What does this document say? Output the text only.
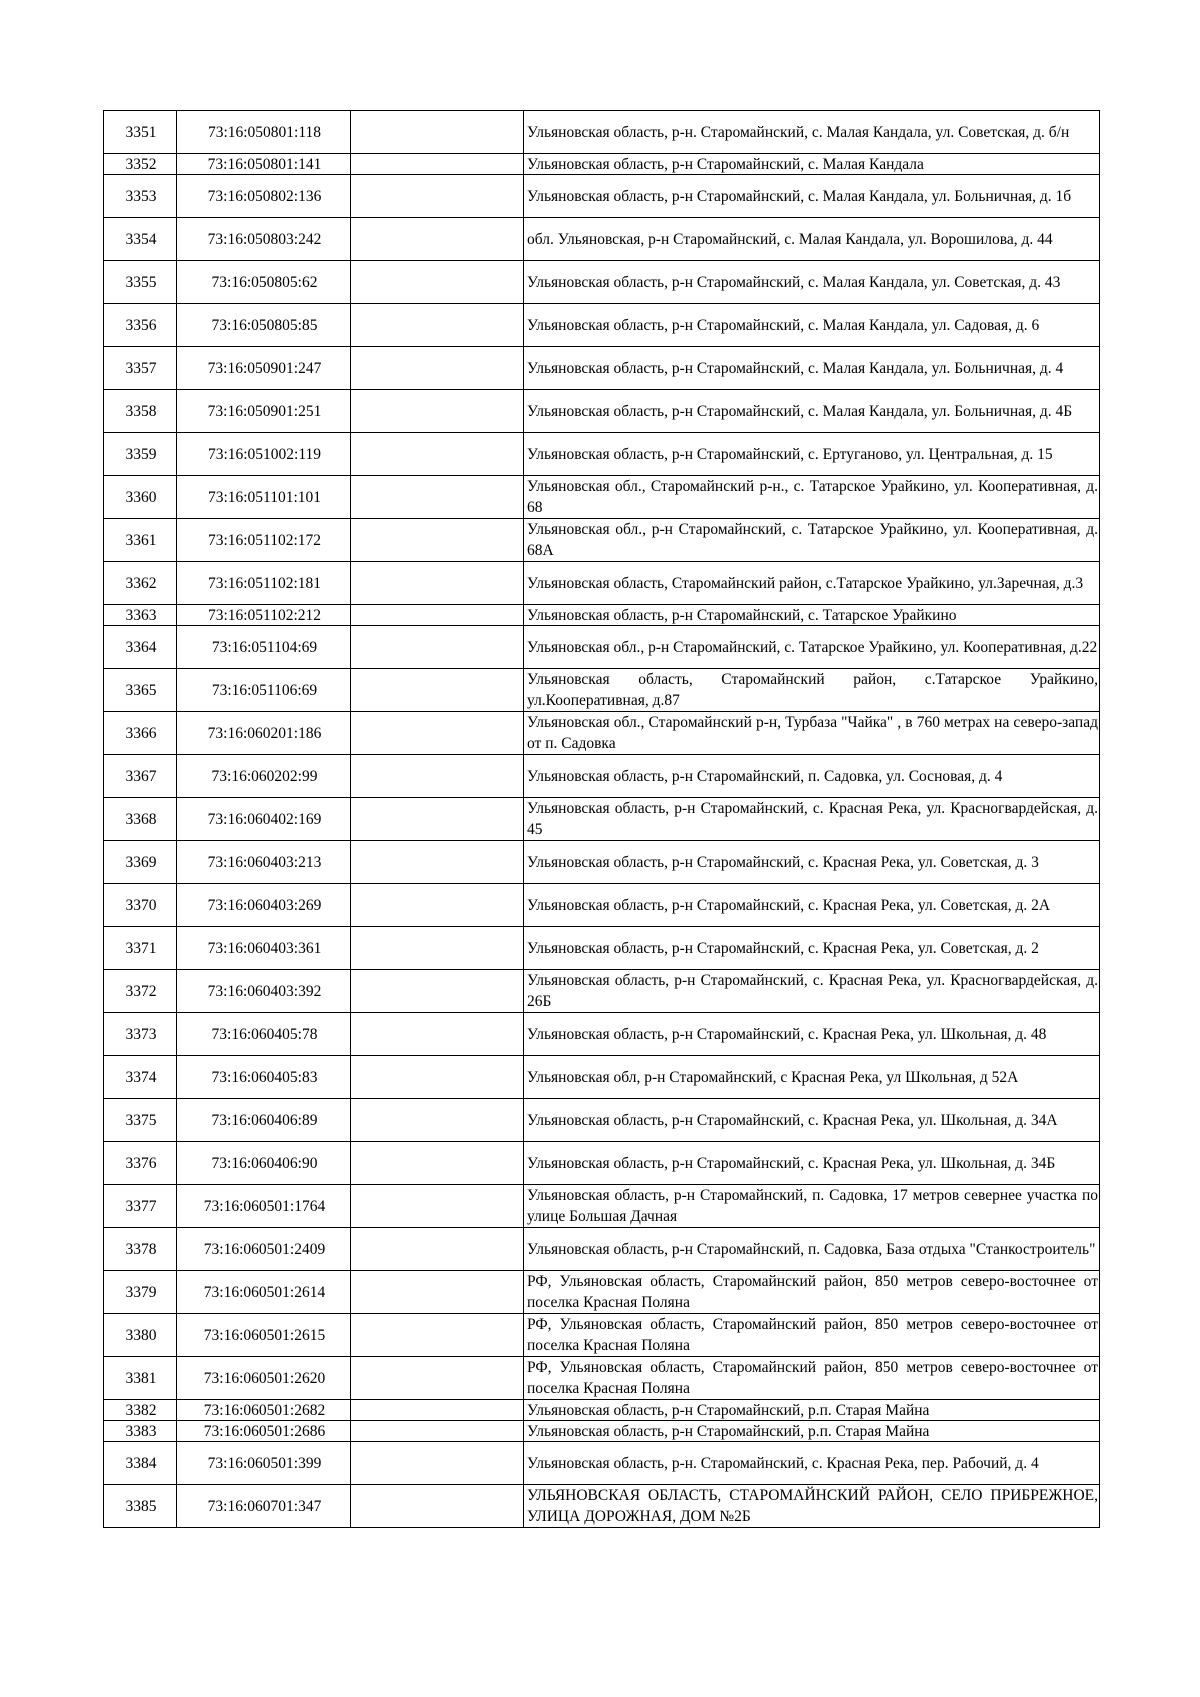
3351	73:16:050801:118		Ульяновская область, р-н. Старомайнский, с. Малая Кандала, ул. Советская, д. б/н
3352	73:16:050801:141		Ульяновская область, р-н Старомайнский, с. Малая Кандала
3353	73:16:050802:136		Ульяновская область, р-н Старомайнский, с. Малая Кандала, ул. Больничная, д. 1б
3354	73:16:050803:242		обл. Ульяновская, р-н Старомайнский, с. Малая Кандала, ул. Ворошилова, д. 44
3355	73:16:050805:62		Ульяновская область, р-н Старомайнский, с. Малая Кандала, ул. Советская, д. 43
3356	73:16:050805:85		Ульяновская область, р-н Старомайнский, с. Малая Кандала, ул. Садовая, д. 6
3357	73:16:050901:247		Ульяновская область, р-н Старомайнский, с. Малая Кандала, ул. Больничная, д. 4
3358	73:16:050901:251		Ульяновская область, р-н Старомайнский, с. Малая Кандала, ул. Больничная, д. 4Б
3359	73:16:051002:119		Ульяновская область, р-н Старомайнский, с. Ертуганово, ул. Центральная, д. 15
3360	73:16:051101:101		Ульяновская обл., Старомайнский р-н., с. Татарское Урайкино, ул. Кооперативная, д. 68
3361	73:16:051102:172		Ульяновская обл., р-н Старомайнский, с. Татарское Урайкино, ул. Кооперативная, д. 68А
3362	73:16:051102:181		Ульяновская область, Старомайнский район, с.Татарское Урайкино, ул.Заречная, д.3
3363	73:16:051102:212		Ульяновская область, р-н Старомайнский, с. Татарское Урайкино
3364	73:16:051104:69		Ульяновская обл., р-н Старомайнский, с. Татарское Урайкино, ул. Кооперативная, д.22
3365	73:16:051106:69		Ульяновская область, Старомайнский район, с.Татарское Урайкино, ул.Кооперативная, д.87
3366	73:16:060201:186		Ульяновская обл., Старомайнский р-н, Турбаза "Чайка" , в 760 метрах на северо-запад от п. Садовка
3367	73:16:060202:99		Ульяновская область, р-н Старомайнский, п. Садовка, ул. Сосновая, д. 4
3368	73:16:060402:169		Ульяновская область, р-н Старомайнский, с. Красная Река, ул. Красногвардейская, д. 45
3369	73:16:060403:213		Ульяновская область, р-н Старомайнский, с. Красная Река, ул. Советская, д. 3
3370	73:16:060403:269		Ульяновская область, р-н Старомайнский, с. Красная Река, ул. Советская, д. 2А
3371	73:16:060403:361		Ульяновская область, р-н Старомайнский, с. Красная Река, ул. Советская, д. 2
3372	73:16:060403:392		Ульяновская область, р-н Старомайнский, с. Красная Река, ул. Красногвардейская, д. 26Б
3373	73:16:060405:78		Ульяновская область, р-н Старомайнский, с. Красная Река, ул. Школьная, д. 48
3374	73:16:060405:83		Ульяновская обл, р-н Старомайнский, с Красная Река, ул Школьная, д 52А
3375	73:16:060406:89		Ульяновская область, р-н Старомайнский, с. Красная Река, ул. Школьная, д. 34А
3376	73:16:060406:90		Ульяновская область, р-н Старомайнский, с. Красная Река, ул. Школьная, д. 34Б
3377	73:16:060501:1764		Ульяновская область, р-н Старомайнский, п. Садовка, 17 метров севернее участка по улице Большая Дачная
3378	73:16:060501:2409		Ульяновская область, р-н Старомайнский, п. Садовка, База отдыха "Станкостроитель"
3379	73:16:060501:2614		РФ, Ульяновская область, Старомайнский район, 850 метров северо-восточнее от поселка Красная Поляна
3380	73:16:060501:2615		РФ, Ульяновская область, Старомайнский район, 850 метров северо-восточнее от поселка Красная Поляна
3381	73:16:060501:2620		РФ, Ульяновская область, Старомайнский район, 850 метров северо-восточнее от поселка Красная Поляна
3382	73:16:060501:2682		Ульяновская область, р-н Старомайнский, р.п. Старая Майна
3383	73:16:060501:2686		Ульяновская область, р-н Старомайнский, р.п. Старая Майна
3384	73:16:060501:399		Ульяновская область, р-н. Старомайнский, с. Красная Река, пер. Рабочий, д. 4
3385	73:16:060701:347		УЛЬЯНОВСКАЯ ОБЛАСТЬ, СТАРОМАЙНСКИЙ РАЙОН, СЕЛО ПРИБРЕЖНОЕ, УЛИЦА ДОРОЖНАЯ, ДОМ №2Б
